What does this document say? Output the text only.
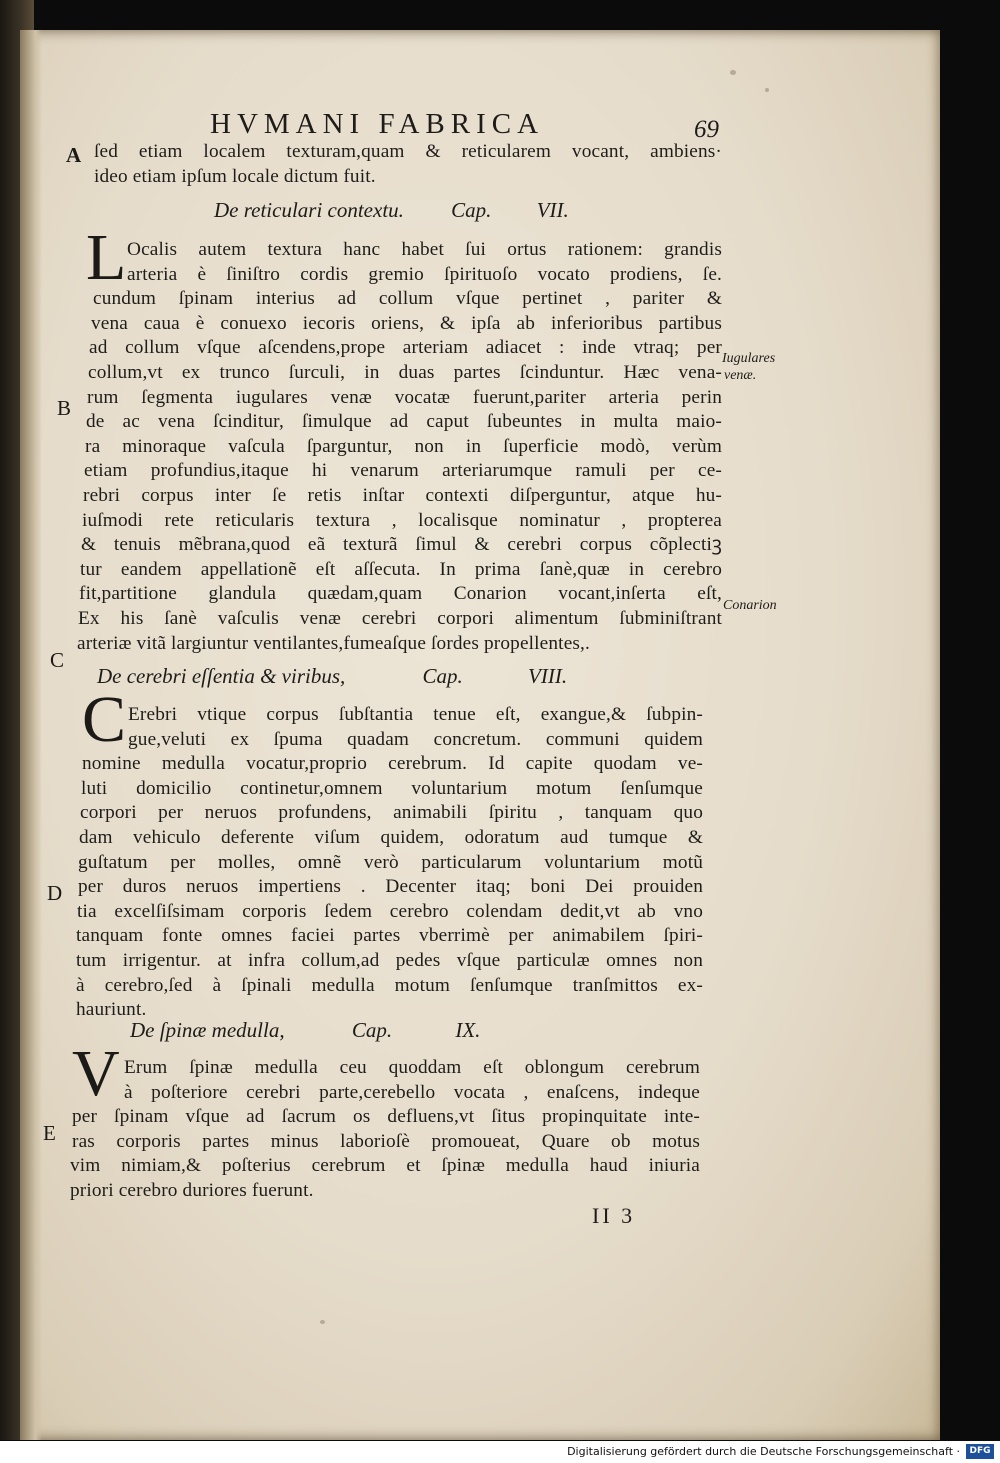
HVMANI FABRICA	69
A
B
C
D
E
ſed etiam localem texturam,quam & reticularem vocant, ambiens·
ideo etiam ipſum locale dictum fuit.
De reticulari contextu. Cap. VII.
L Ocalis autem textura hanc habet ſui ortus rationem: grandis
arteria è ſiniſtro cordis gremio ſpirituoſo vocato prodiens, ſe.
cundum ſpinam interius ad collum vſque pertinet , pariter &
vena caua è conuexo iecoris oriens, & ipſa ab inferioribus partibus
ad collum vſque aſcendens,prope arteriam adiacet : inde vtraq; per
collum,vt ex trunco ſurculi, in duas partes ſcinduntur. Hæc vena-
rum ſegmenta iugulares venæ vocatæ fuerunt,pariter arteria perin
de ac vena ſcinditur, ſimulque ad caput ſubeuntes in multa maio-
ra minoraque vaſcula ſparguntur, non in ſuperficie modò, verùm
etiam profundius,itaque hi venarum arteriarumque ramuli per ce-
rebri corpus inter ſe retis inſtar contexti diſperguntur, atque hu-
iuſmodi rete reticularis textura , localisque nominatur , propterea
& tenuis mẽbrana,quod eã texturã ſimul & cerebri corpus cõplectiꝫ
tur eandem appellationẽ eſt aſſecuta. In prima ſanè,quæ in cerebro
fit,partitione glandula quædam,quam Conarion vocant,inſerta eſt,
Ex his ſanè vaſculis venæ cerebri corpori alimentum ſubminiſtrant
arteriæ vitã largiuntur ventilantes,fumeaſque ſordes propellentes,.
Iugulares
venæ.
Conarion
De cerebri eſſentia & viribus,	Cap.	VIII.
C Erebri vtique corpus ſubſtantia tenue eſt, exangue,& ſubpin-
gue,veluti ex ſpuma quadam concretum. communi quidem
nomine medulla vocatur,proprio cerebrum. Id capite quodam ve-
luti domicilio continetur,omnem voluntarium motum ſenſumque
corpori per neruos profundens, animabili ſpiritu , tanquam quo
dam vehiculo deferente viſum quidem, odoratum aud tumque &
guſtatum per molles, omnẽ verò particularum voluntarium motũ
per duros neruos impertiens . Decenter itaq; boni Dei prouiden
tia excelſiſsimam corporis ſedem cerebro colendam dedit,vt ab vno
tanquam fonte omnes faciei partes vberrimè per animabilem ſpiri-
tum irrigentur. at infra collum,ad pedes vſque particulæ omnes non
à cerebro,ſed à ſpinali medulla motum ſenſumque tranſmittos ex-
hauriunt.
De ſpinæ medulla,	Cap.	IX.
V Erum ſpinæ medulla ceu quoddam eſt oblongum cerebrum
à poſteriore cerebri parte,cerebello vocata , enaſcens, indeque
per ſpinam vſque ad ſacrum os defluens,vt ſitus propinquitate inte-
ras corporis partes minus laborioſè promoueat, Quare ob motus
vim nimiam,& poſterius cerebrum et ſpinæ medulla haud iniuria
priori cerebro duriores fuerunt.
II 3
Digitalisierung gefördert durch die Deutsche Forschungsgemeinschaft ·	DFG
